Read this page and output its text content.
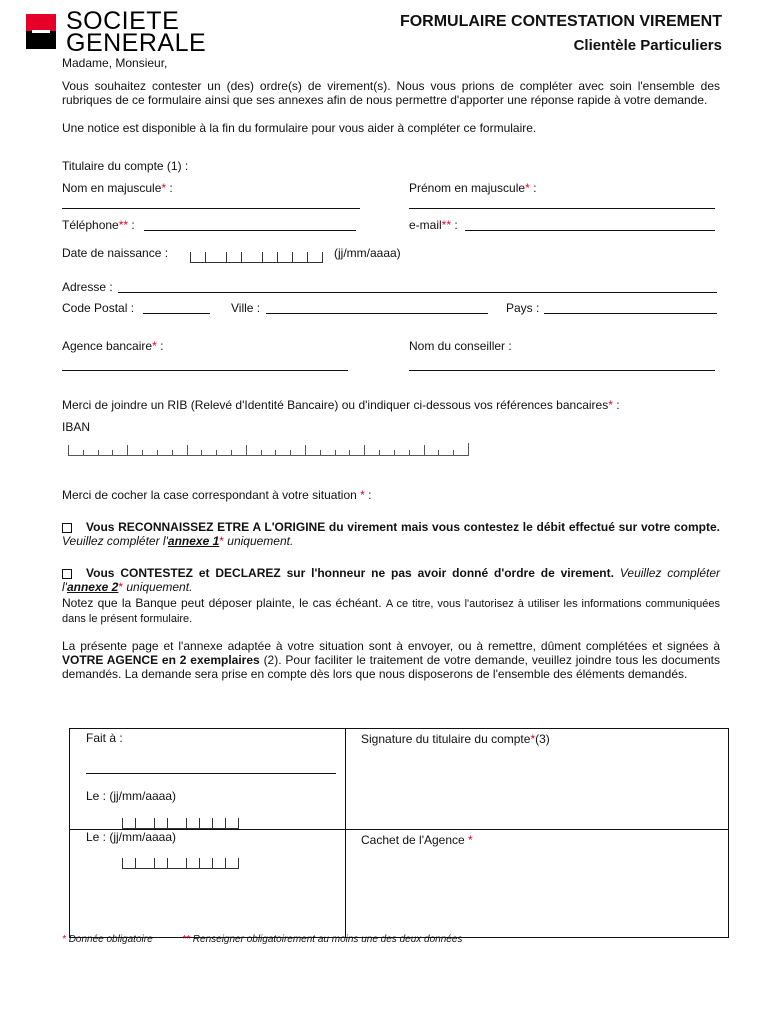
SOCIETE
GENERALE
FORMULAIRE CONTESTATION VIREMENT
Clientèle Particuliers
Madame, Monsieur,
Vous souhaitez contester un (des) ordre(s) de virement(s). Nous vous prions de compléter avec soin l'ensemble des rubriques de ce formulaire ainsi que ses annexes afin de nous permettre d'apporter une réponse rapide à votre demande.
Une notice est disponible à la fin du formulaire pour vous aider à compléter ce formulaire.
Titulaire du compte (1) :
Nom en majuscule* :	Prénom en majuscule* :
Téléphone** :	e-mail** :
Date de naissance :	(jj/mm/aaaa)
Adresse :
Code Postal :	Ville :	Pays :
Agence bancaire* :	Nom du conseiller :
Merci de joindre un RIB (Relevé d'Identité Bancaire) ou d'indiquer ci-dessous vos références bancaires* :
IBAN
Merci de cocher la case correspondant à votre situation * :
Vous RECONNAISSEZ ETRE A L'ORIGINE du virement mais vous contestez le débit effectué sur votre compte. Veuillez compléter l'annexe 1* uniquement.
Vous CONTESTEZ et DECLAREZ sur l'honneur ne pas avoir donné d'ordre de virement. Veuillez compléter l'annexe 2* uniquement.
Notez que la Banque peut déposer plainte, le cas échéant. A ce titre, vous l'autorisez à utiliser les informations communiquées dans le présent formulaire.
La présente page et l'annexe adaptée à votre situation sont à envoyer, ou à remettre, dûment complétées et signées à VOTRE AGENCE en 2 exemplaires (2). Pour faciliter le traitement de votre demande, veuillez joindre tous les documents demandés. La demande sera prise en compte dès lors que nous disposerons de l'ensemble des éléments demandés.
Fait à :
Le : (jj/mm/aaaa)
Le : (jj/mm/aaaa)
Signature du titulaire du compte*(3)
Cachet de l'Agence *
* Donnée obligatoire	** Renseigner obligatoirement au moins une des deux données
